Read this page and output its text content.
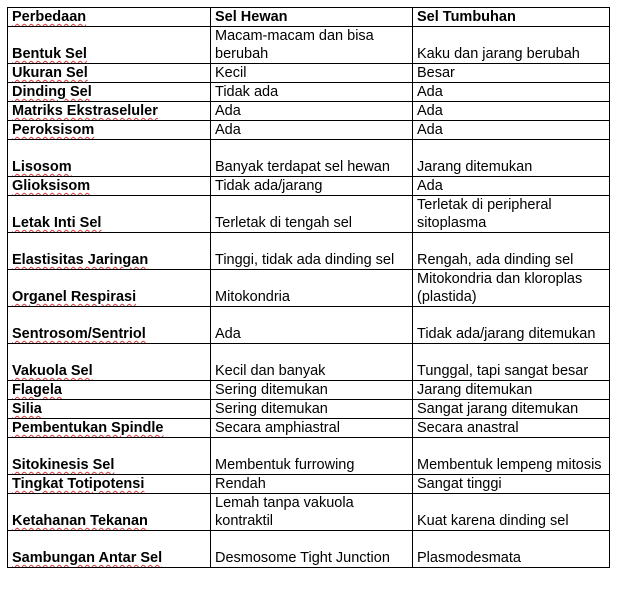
Perbedaan	Sel Hewan	Sel Tumbuhan
Bentuk Sel	Macam-macam dan bisa berubah	Kaku dan jarang berubah
Ukuran Sel	Kecil	Besar
Dinding Sel	Tidak ada	Ada
Matriks Ekstraseluler	Ada	Ada
Peroksisom	Ada	Ada
Lisosom	Banyak terdapat sel hewan	Jarang ditemukan
Glioksisom	Tidak ada/jarang	Ada
Letak Inti Sel	Terletak di tengah sel	Terletak di peripheral sitoplasma
Elastisitas Jaringan	Tinggi, tidak ada dinding sel	Rengah, ada dinding sel
Organel Respirasi	Mitokondria	Mitokondria dan kloroplas (plastida)
Sentrosom/Sentriol	Ada	Tidak ada/jarang ditemukan
Vakuola Sel	Kecil dan banyak	Tunggal, tapi sangat besar
Flagela	Sering ditemukan	Jarang ditemukan
Silia	Sering ditemukan	Sangat jarang ditemukan
Pembentukan Spindle	Secara amphiastral	Secara anastral
Sitokinesis Sel	Membentuk furrowing	Membentuk lempeng mitosis
Tingkat Totipotensi	Rendah	Sangat tinggi
Ketahanan Tekanan	Lemah tanpa vakuola kontraktil	Kuat karena dinding sel
Sambungan Antar Sel	Desmosome Tight Junction	Plasmodesmata
